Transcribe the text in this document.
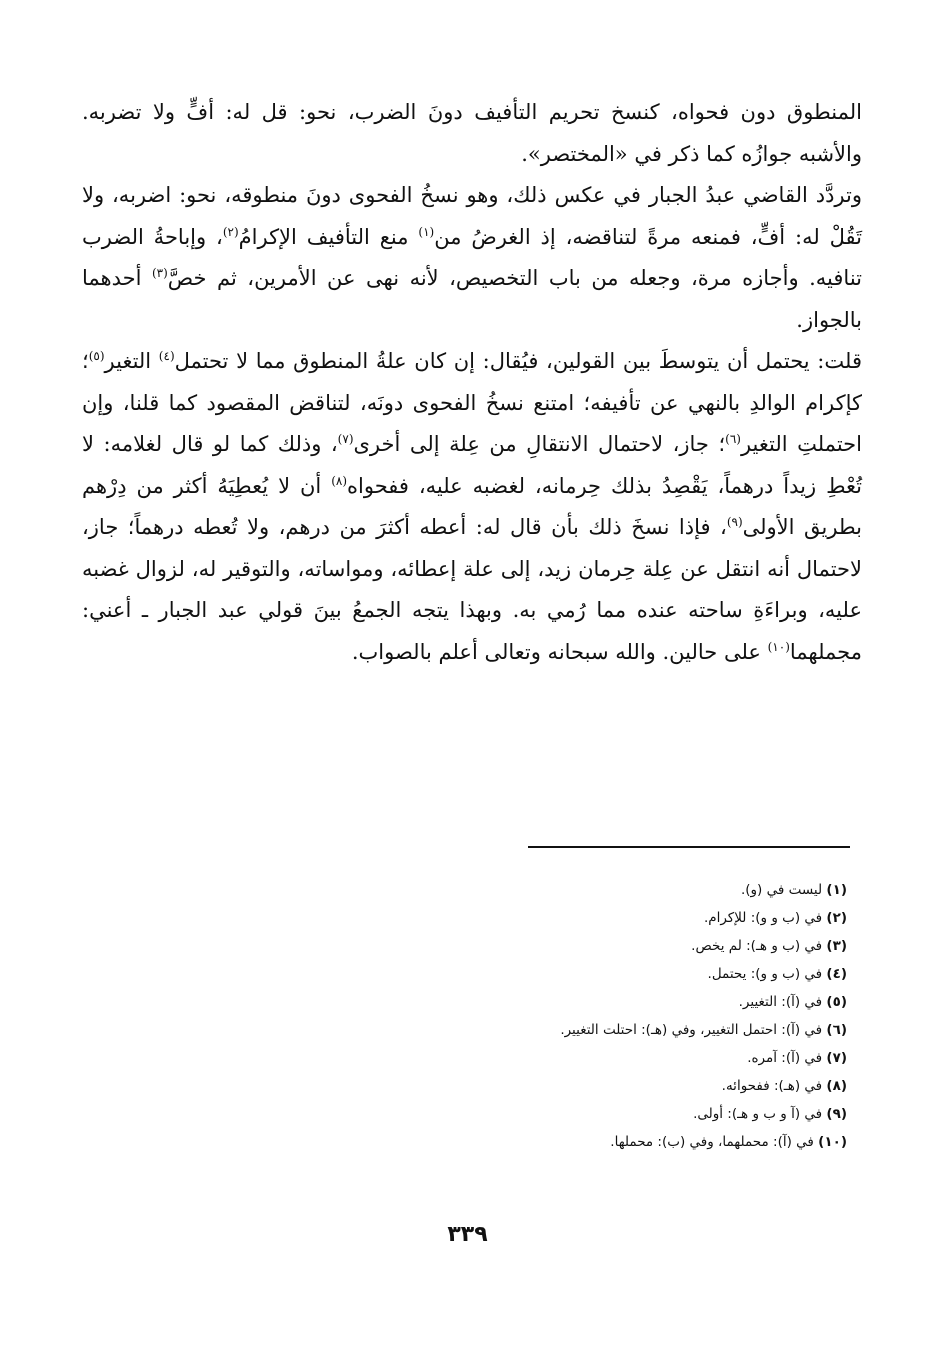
المنطوق دون فحواه، كنسخ تحريم التأفيف دونَ الضرب، نحو: قل له: أفٍّ ولا تضربه. والأشبه جوازُه كما ذكر في «المختصر».

وتردَّد القاضي عبدُ الجبار في عكس ذلك، وهو نسخُ الفحوى دونَ منطوقه، نحو: اضربه، ولا تَقُلْ له: أفٍّ، فمنعه مرةً لتناقضه، إذ الغرضُ من$^{(١)}$ منع التأفيف الإكرامُ$^{(٢)}$، وإباحةُ الضرب تنافيه. وأجازه مرة، وجعله من باب التخصيص، لأنه نهى عن الأمرين، ثم خصَّ$^{(٣)}$ أحدهما بالجواز.

قلت: يحتمل أن يتوسطَ بين القولين، فيُقال: إن كان علةُ المنطوق مما لا تحتمل$^{(٤)}$ التغير$^{(٥)}$؛ كإكرام الوالدِ بالنهي عن تأفيفه؛ امتنع نسخُ الفحوى دونَه، لتناقض المقصود كما قلنا، وإن احتملتِ التغير$^{(٦)}$؛ جاز، لاحتمال الانتقالِ من عِلة إلى أخرى$^{(٧)}$، وذلك كما لو قال لغلامه: لا تُعْطِ زيداً درهماً، يَقْصِدُ بذلك حِرمانه، لغضبه عليه، ففحواه$^{(٨)}$ أن لا يُعطِيَهُ أكثر من دِرْهم بطريق الأولى$^{(٩)}$، فإذا نسخَ ذلك بأن قال له: أعطه أكثرَ من درهم، ولا تُعطه درهماً؛ جاز، لاحتمال أنه انتقل عن عِلة حِرمان زيد، إلى علة إعطائه، ومواساته، والتوقير له، لزوال غضبه عليه، وبراءَةِ ساحته عنده مما رُمي به. وبهذا يتجه الجمعُ بينَ قولي عبد الجبار ـ أعني: مجملهما$^{(١٠)}$ على حالين. والله سبحانه وتعالى أعلم بالصواب.

(١) ليست في (و).
(٢) في (ب و و): للإكرام.
(٣) في (ب و هـ): لم يخص.
(٤) في (ب و و): يحتمل.
(٥) في (آ): التغيير.
(٦) في (آ): احتمل التغيير، وفي (هـ): احتلت التغيير.
(٧) في (آ): آمره.
(٨) في (هـ): ففحوائه.
(٩) في (آ و ب و هـ): أولى.
(١٠) في (آ): محملهما، وفي (ب): محملها.
٣٣٩
